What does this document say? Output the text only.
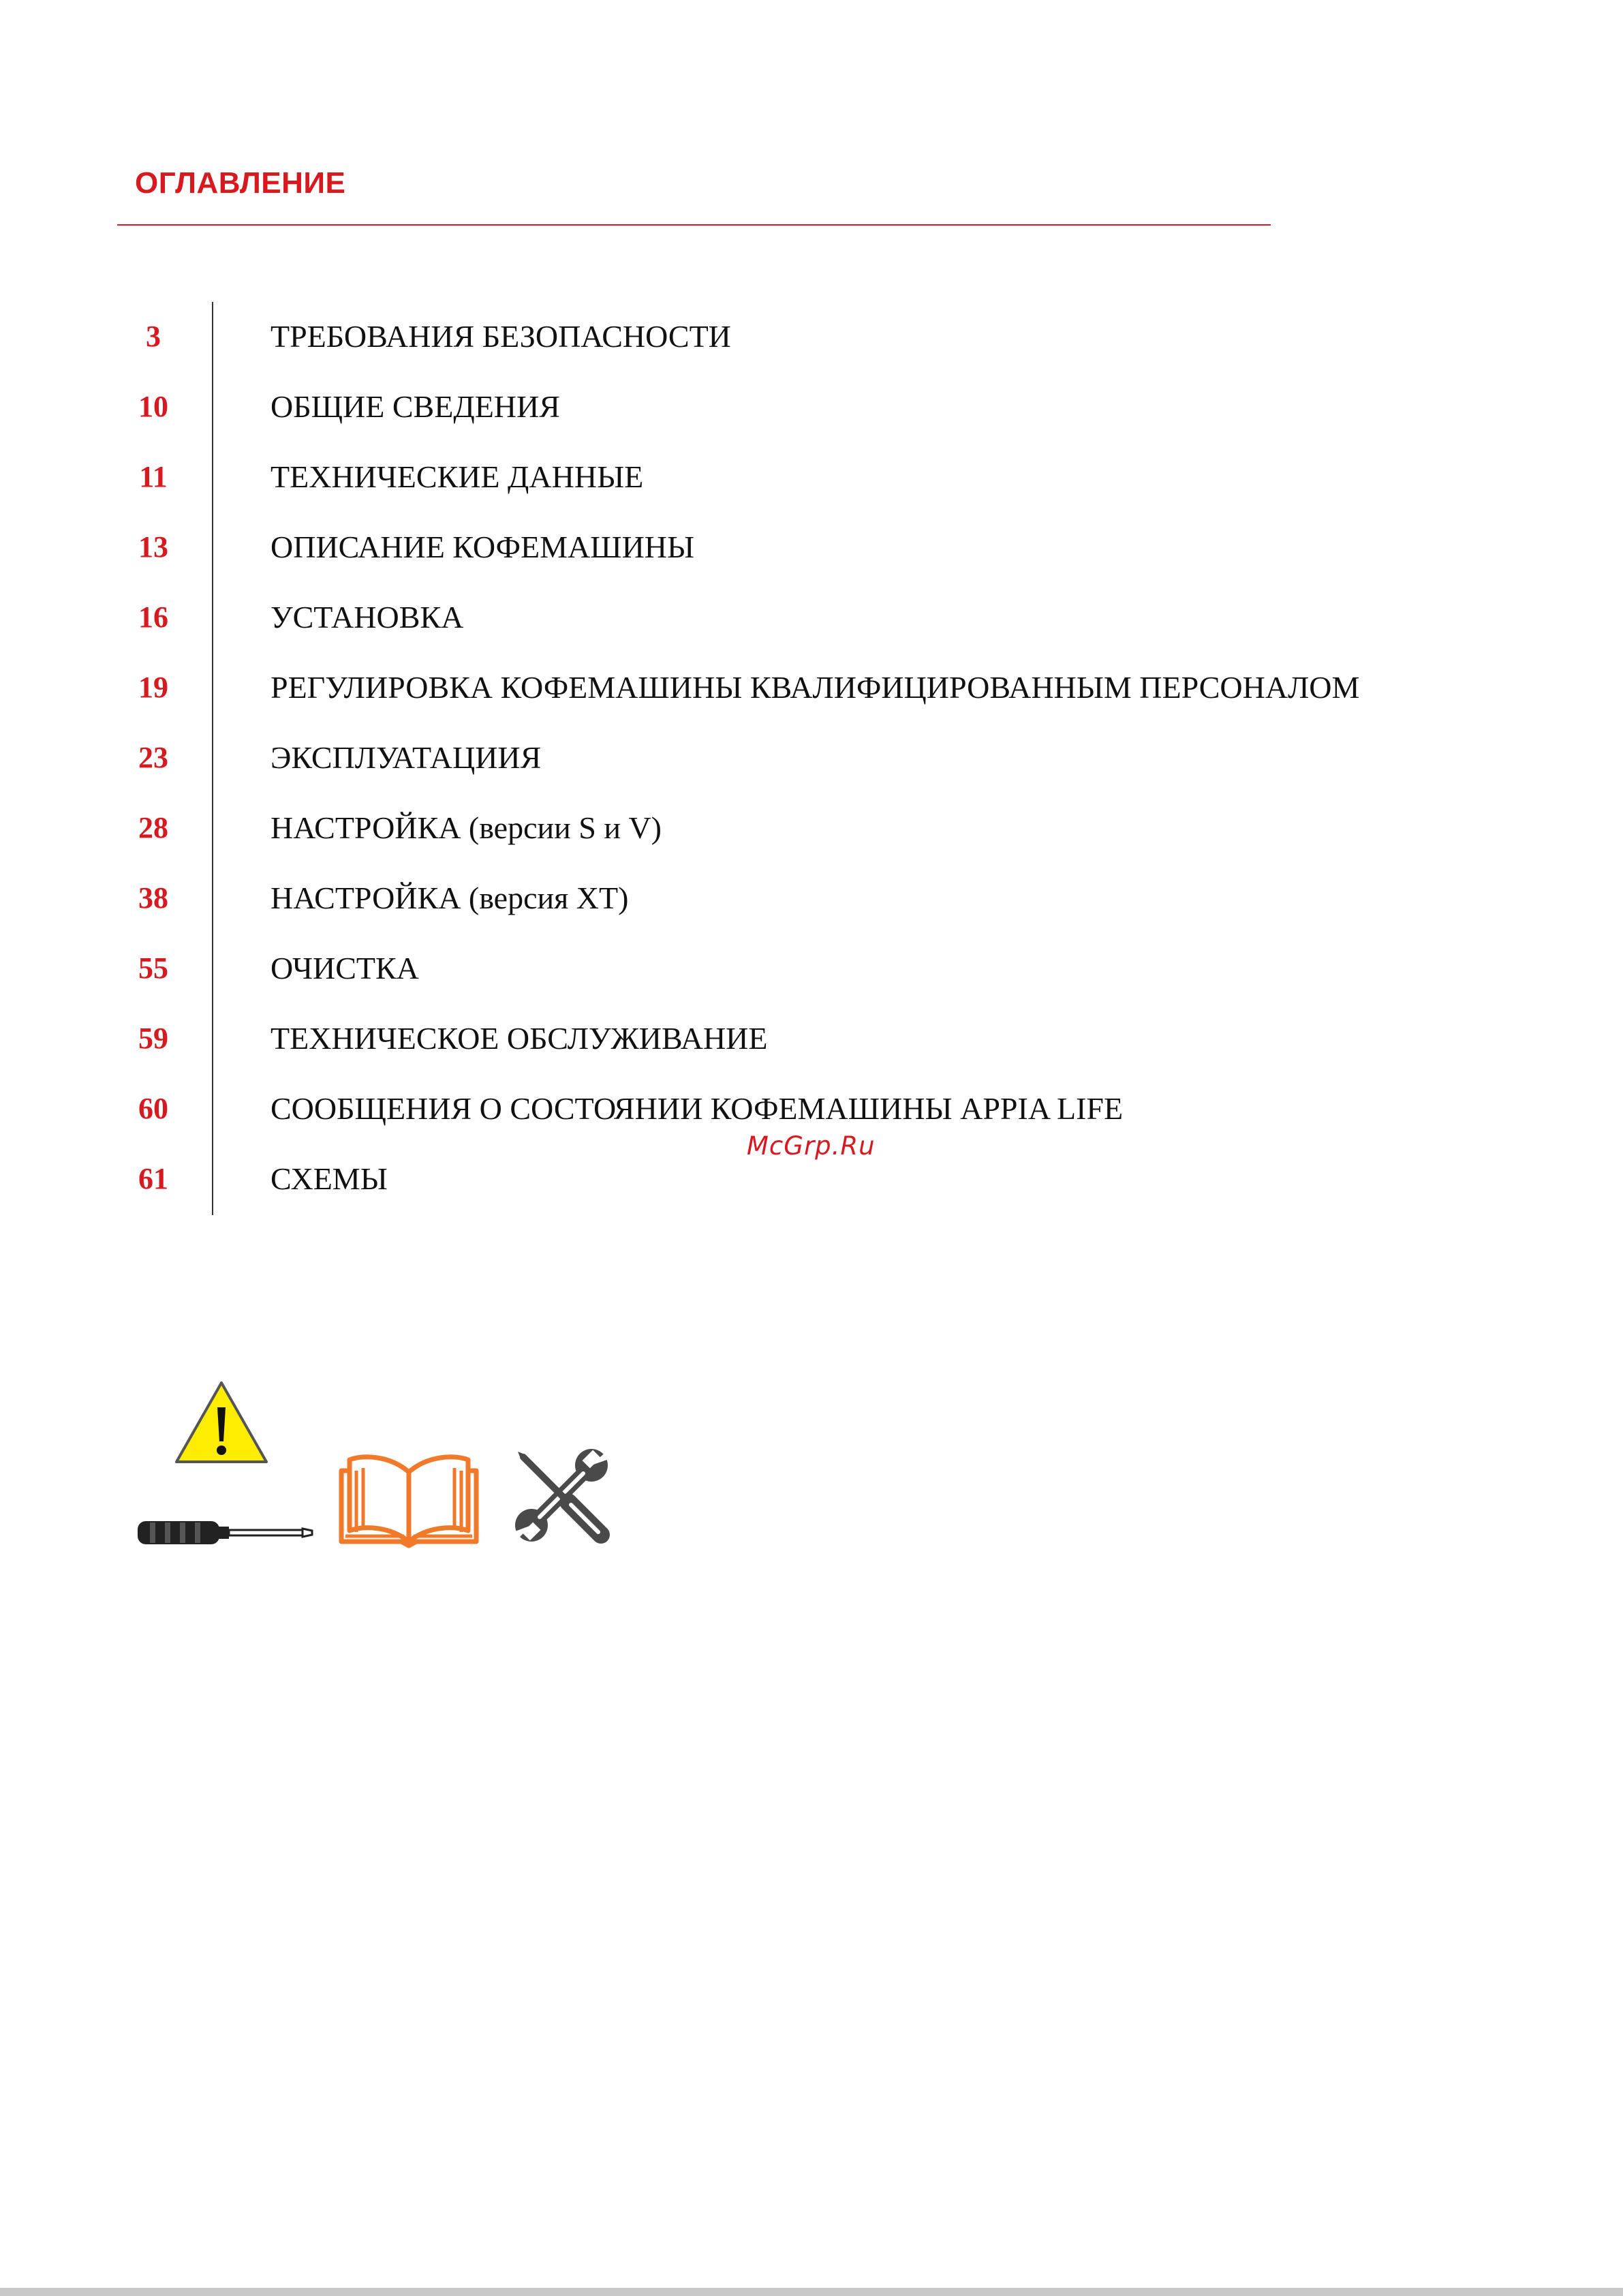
ОГЛАВЛЕНИЕ
3	ТРЕБОВАНИЯ БЕЗОПАСНОСТИ
10	ОБЩИЕ СВЕДЕНИЯ
11	ТЕХНИЧЕСКИЕ ДАННЫЕ
13	ОПИСАНИЕ КОФЕМАШИНЫ
16	УСТАНОВКА
19	РЕГУЛИРОВКА КОФЕМАШИНЫ КВАЛИФИЦИРОВАННЫМ ПЕРСОНАЛОМ
23	ЭКСПЛУАТАЦИИЯ
28	НАСТРОЙКА (версии S и V)
38	НАСТРОЙКА (версия XT)
55	ОЧИСТКА
59	ТЕХНИЧЕСКОЕ ОБСЛУЖИВАНИЕ
60	СООБЩЕНИЯ О СОСТОЯНИИ КОФЕМАШИНЫ APPIA LIFE
61	СХЕМЫ
McGrp.Ru
